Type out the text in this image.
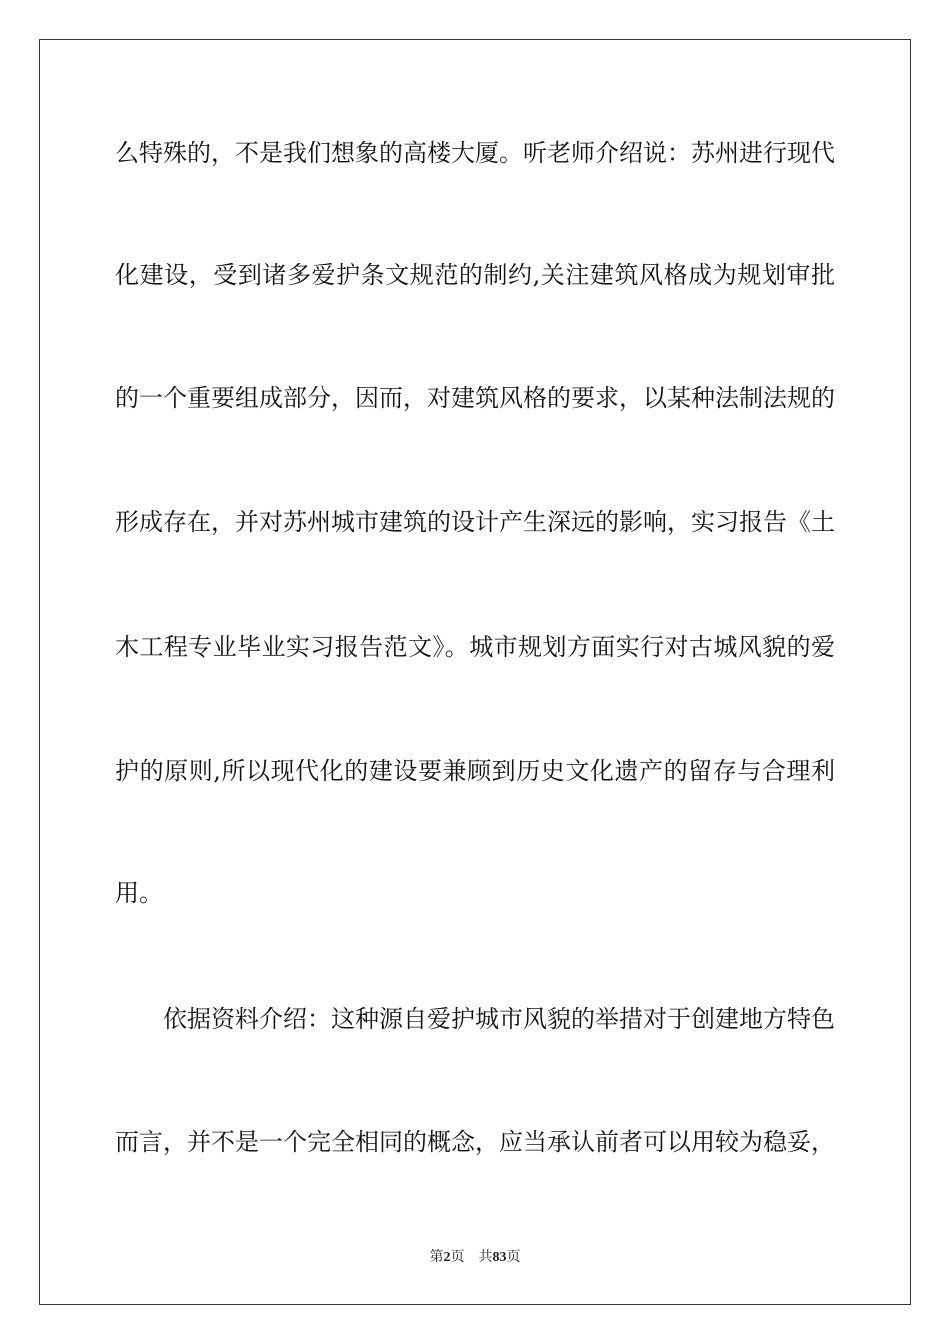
么特殊的，不是我们想象的高楼大厦。听老师介绍说：苏州进行现代
化建设，受到诸多爱护条文规范的制约,关注建筑风格成为规划审批
的一个重要组成部分，因而，对建筑风格的要求，以某种法制法规的
形成存在，并对苏州城市建筑的设计产生深远的影响，实习报告《土
木工程专业毕业实习报告范文》。城市规划方面实行对古城风貌的爱
护的原则,所以现代化的建设要兼顾到历史文化遗产的留存与合理利
用。
依据资料介绍：这种源自爱护城市风貌的举措对于创建地方特色
而言，并不是一个完全相同的概念，应当承认前者可以用较为稳妥，
第2页 共83页
